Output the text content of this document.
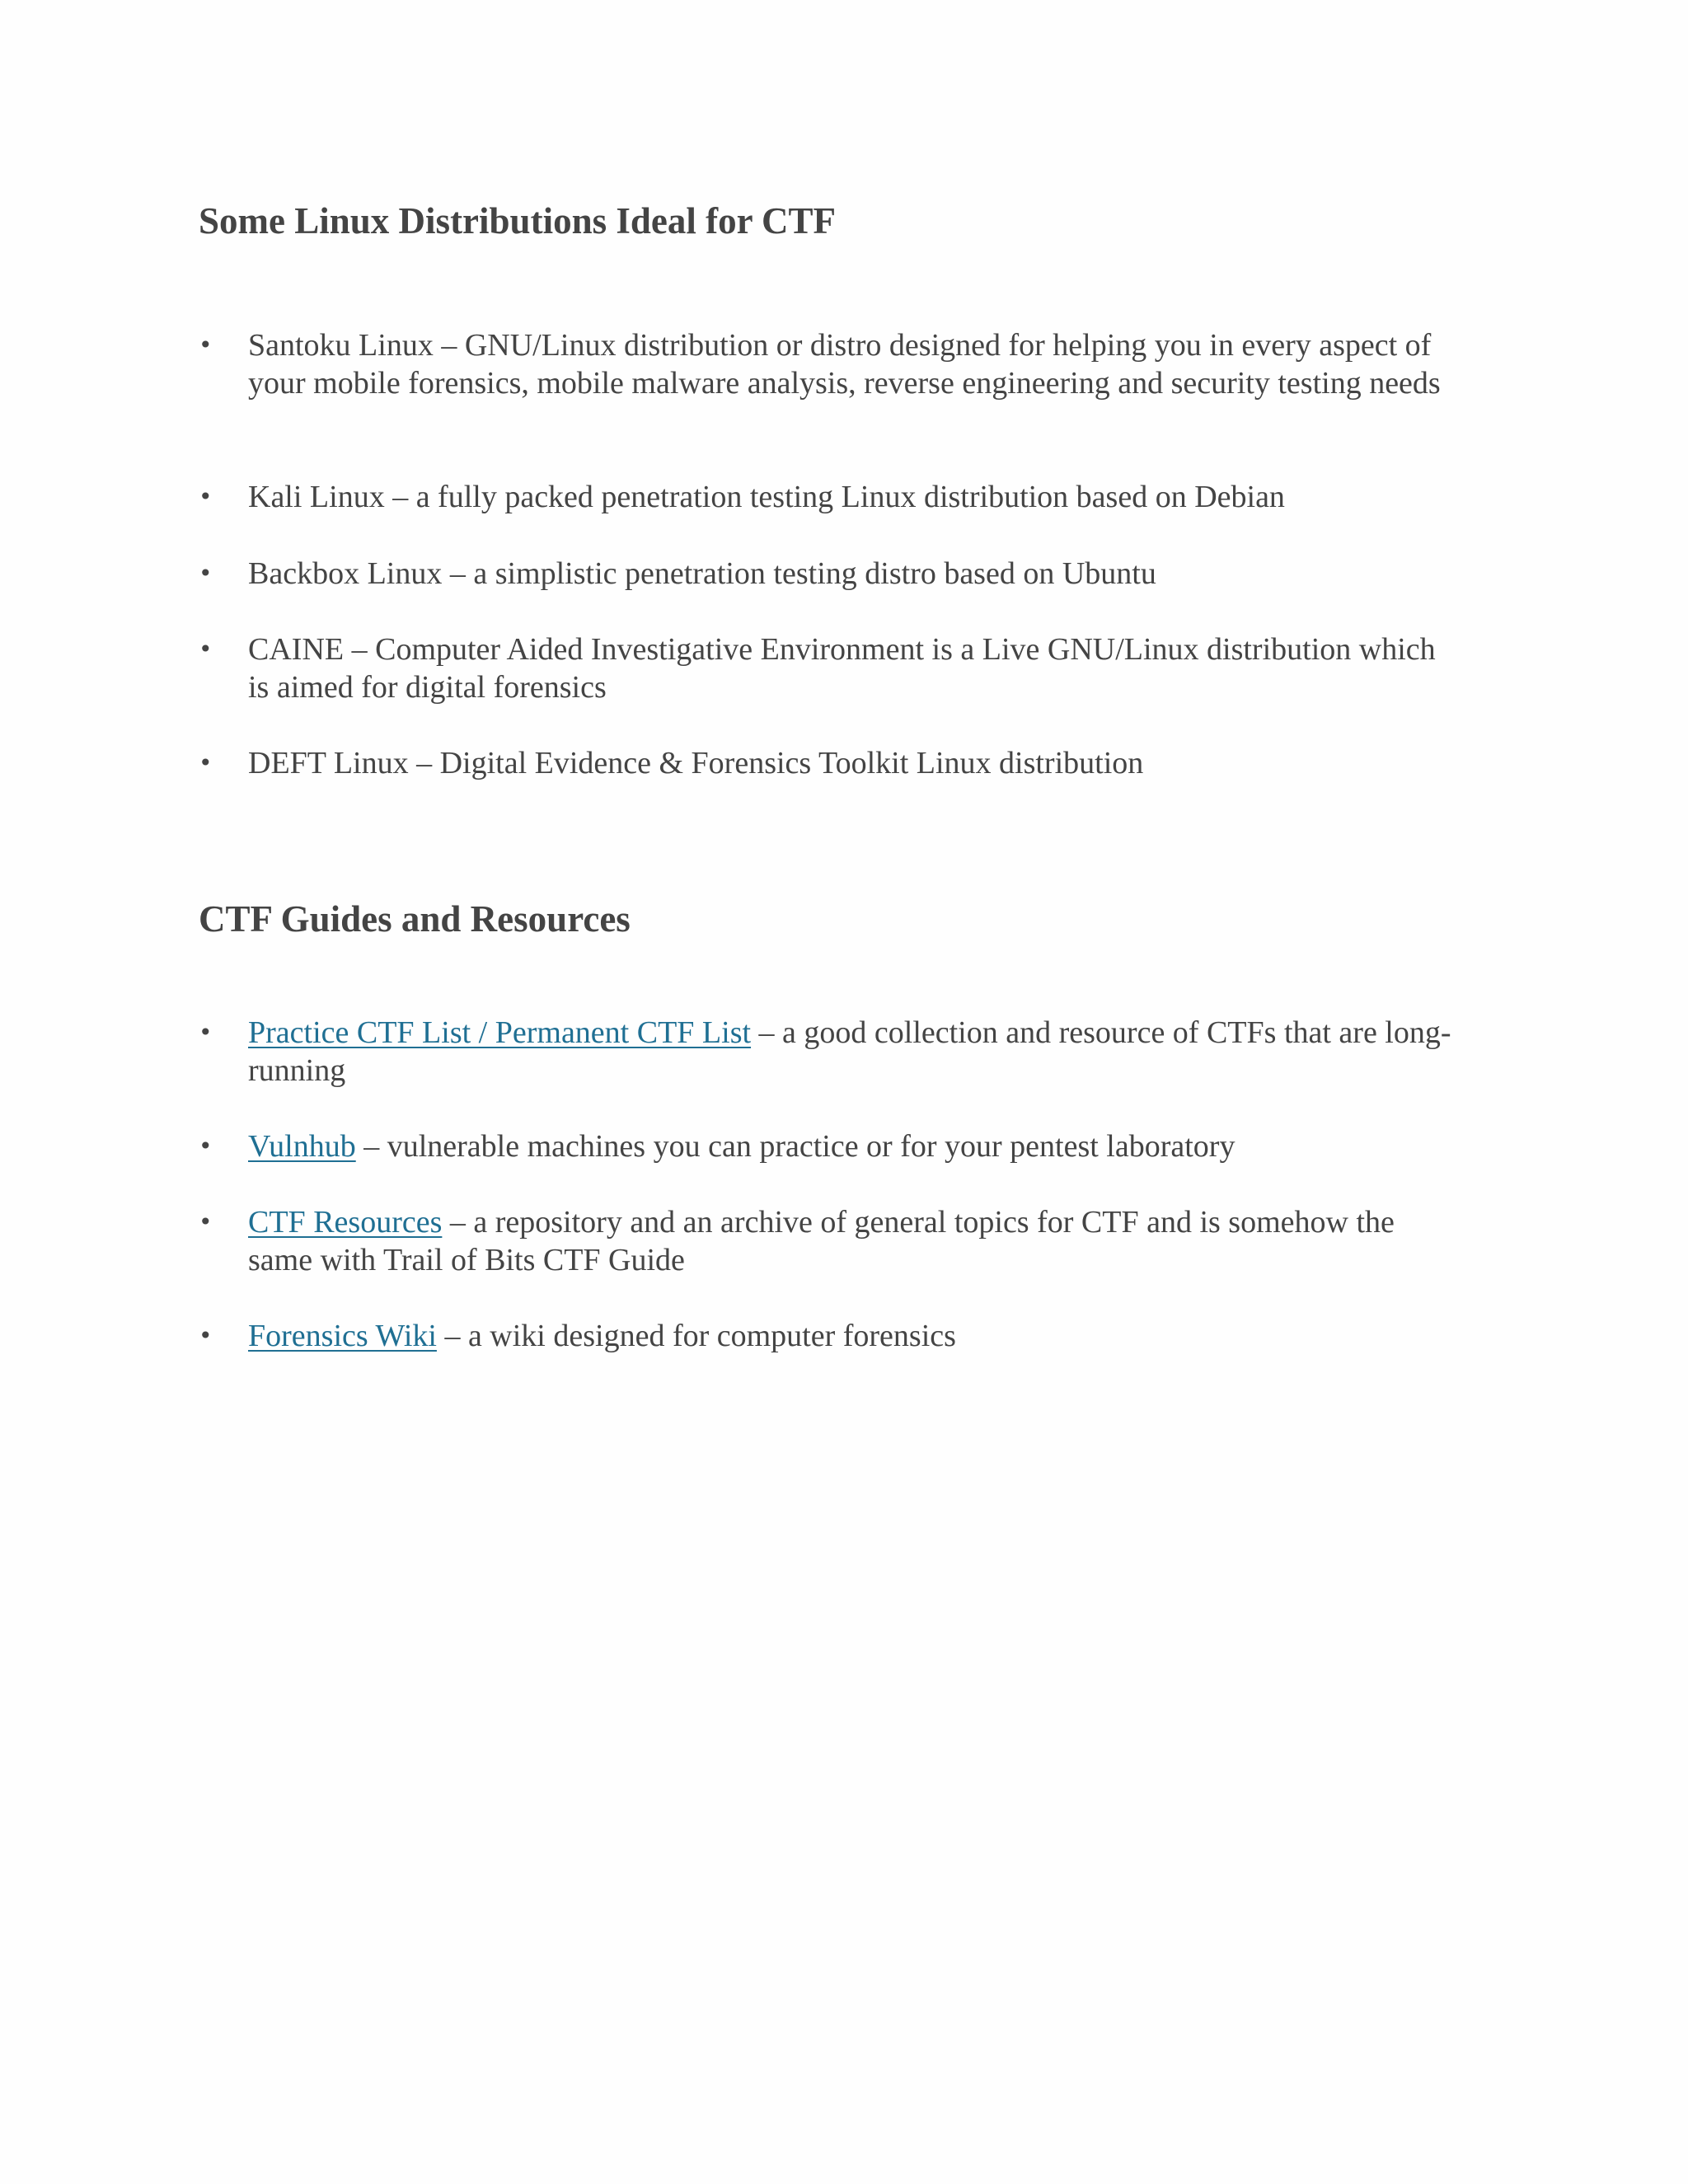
Some Linux Distributions Ideal for CTF
•	Santoku Linux – GNU/Linux distribution or distro designed for helping you in every aspect of your mobile forensics, mobile malware analysis, reverse engineering and security testing needs
•	Kali Linux – a fully packed penetration testing Linux distribution based on Debian
•	Backbox Linux – a simplistic penetration testing distro based on Ubuntu
•	CAINE – Computer Aided Investigative Environment is a Live GNU/Linux distribution which is aimed for digital forensics
•	DEFT Linux – Digital Evidence & Forensics Toolkit Linux distribution
CTF Guides and Resources
•	Practice CTF List / Permanent CTF List – a good collection and resource of CTFs that are long-running
•	Vulnhub – vulnerable machines you can practice or for your pentest laboratory
•	CTF Resources – a repository and an archive of general topics for CTF and is somehow the same with Trail of Bits CTF Guide
•	Forensics Wiki – a wiki designed for computer forensics
